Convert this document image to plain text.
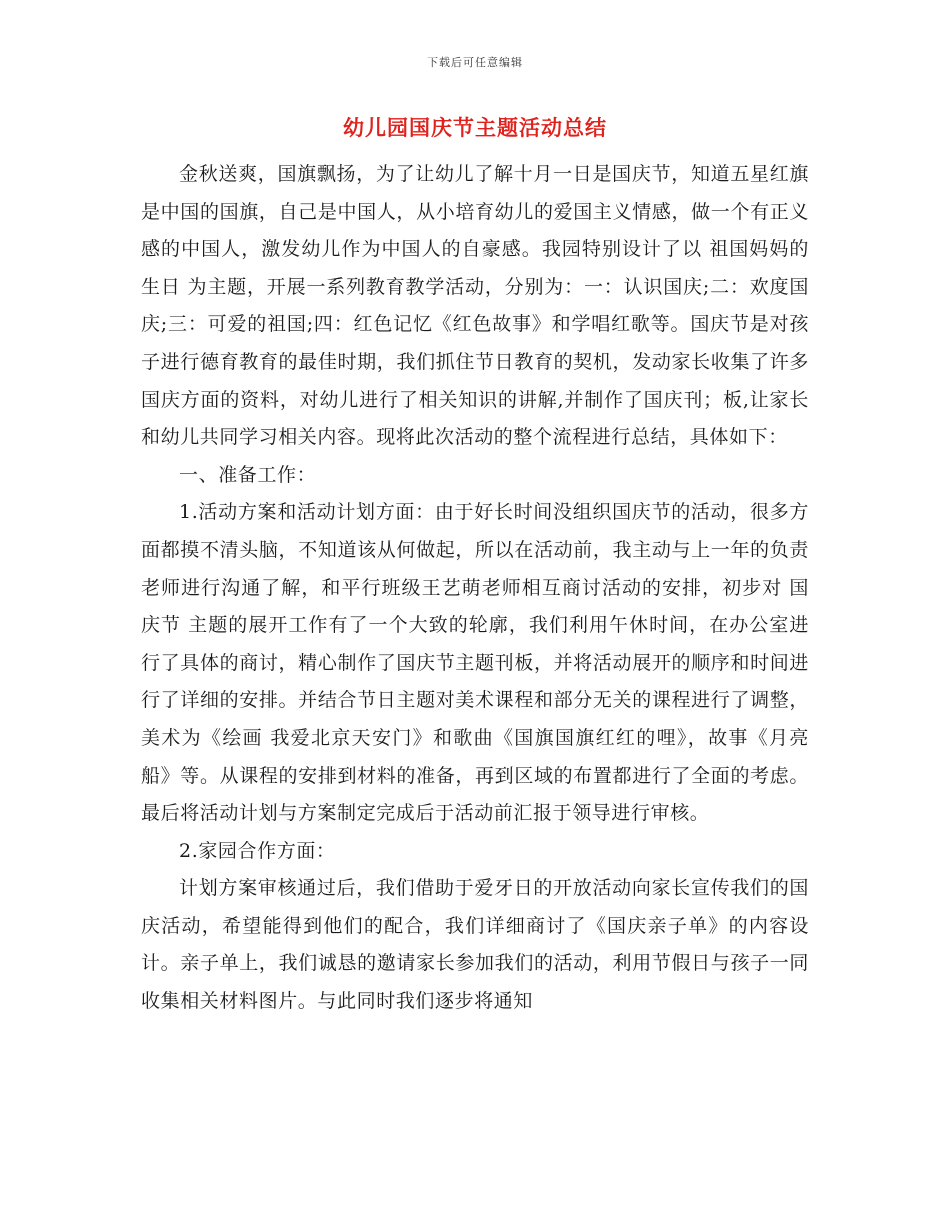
下载后可任意编辑
幼儿园国庆节主题活动总结

金秋送爽，国旗飘扬，为了让幼儿了解十月一日是国庆节，知道五星红旗是中国的国旗，自己是中国人，从小培育幼儿的爱国主义情感，做一个有正义感的中国人，激发幼儿作为中国人的自豪感。我园特别设计了以 祖国妈妈的生日 为主题，开展一系列教育教学活动，分别为：一：认识国庆;二：欢度国庆;三：可爱的祖国;四：红色记忆《红色故事》和学唱红歌等。国庆节是对孩子进行德育教育的最佳时期，我们抓住节日教育的契机，发动家长收集了许多国庆方面的资料，对幼儿进行了相关知识的讲解,并制作了国庆刊；板,让家长和幼儿共同学习相关内容。现将此次活动的整个流程进行总结，具体如下：

一、准备工作：

1.活动方案和活动计划方面：由于好长时间没组织国庆节的活动，很多方面都摸不清头脑，不知道该从何做起，所以在活动前，我主动与上一年的负责老师进行沟通了解，和平行班级王艺萌老师相互商讨活动的安排，初步对 国庆节 主题的展开工作有了一个大致的轮廓，我们利用午休时间，在办公室进行了具体的商讨，精心制作了国庆节主题刊板，并将活动展开的顺序和时间进行了详细的安排。并结合节日主题对美术课程和部分无关的课程进行了调整，美术为《绘画 我爱北京天安门》和歌曲《国旗国旗红红的哩》，故事《月亮船》等。从课程的安排到材料的准备，再到区域的布置都进行了全面的考虑。最后将活动计划与方案制定完成后于活动前汇报于领导进行审核。

2.家园合作方面：

计划方案审核通过后，我们借助于爱牙日的开放活动向家长宣传我们的国庆活动，希望能得到他们的配合，我们详细商讨了《国庆亲子单》的内容设计。亲子单上，我们诚恳的邀请家长参加我们的活动，利用节假日与孩子一同收集相关材料图片。与此同时我们逐步将通知
